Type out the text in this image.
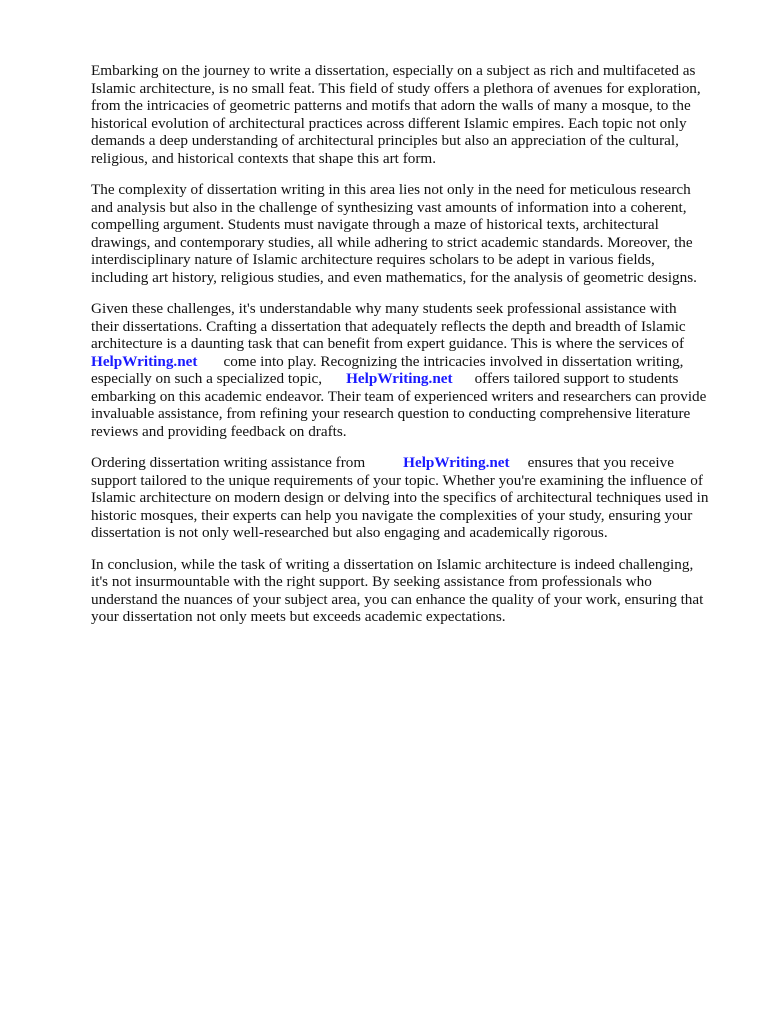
Embarking on the journey to write a dissertation, especially on a subject as rich and multifaceted as
Islamic architecture, is no small feat. This field of study offers a plethora of avenues for exploration,
from the intricacies of geometric patterns and motifs that adorn the walls of many a mosque, to the
historical evolution of architectural practices across different Islamic empires. Each topic not only
demands a deep understanding of architectural principles but also an appreciation of the cultural,
religious, and historical contexts that shape this art form.

The complexity of dissertation writing in this area lies not only in the need for meticulous research
and analysis but also in the challenge of synthesizing vast amounts of information into a coherent,
compelling argument. Students must navigate through a maze of historical texts, architectural
drawings, and contemporary studies, all while adhering to strict academic standards. Moreover, the
interdisciplinary nature of Islamic architecture requires scholars to be adept in various fields,
including art history, religious studies, and even mathematics, for the analysis of geometric designs.

Given these challenges, it's understandable why many students seek professional assistance with
their dissertations. Crafting a dissertation that adequately reflects the depth and breadth of Islamic
architecture is a daunting task that can benefit from expert guidance. This is where the services of
HelpWriting.net come into play. Recognizing the intricacies involved in dissertation writing,
especially on such a specialized topic, HelpWriting.net offers tailored support to students
embarking on this academic endeavor. Their team of experienced writers and researchers can provide
invaluable assistance, from refining your research question to conducting comprehensive literature
reviews and providing feedback on drafts.

Ordering dissertation writing assistance from	HelpWriting.net ensures that you receive
support tailored to the unique requirements of your topic. Whether you're examining the influence of
Islamic architecture on modern design or delving into the specifics of architectural techniques used in
historic mosques, their experts can help you navigate the complexities of your study, ensuring your
dissertation is not only well-researched but also engaging and academically rigorous.

In conclusion, while the task of writing a dissertation on Islamic architecture is indeed challenging,
it's not insurmountable with the right support. By seeking assistance from professionals who
understand the nuances of your subject area, you can enhance the quality of your work, ensuring that
your dissertation not only meets but exceeds academic expectations.
